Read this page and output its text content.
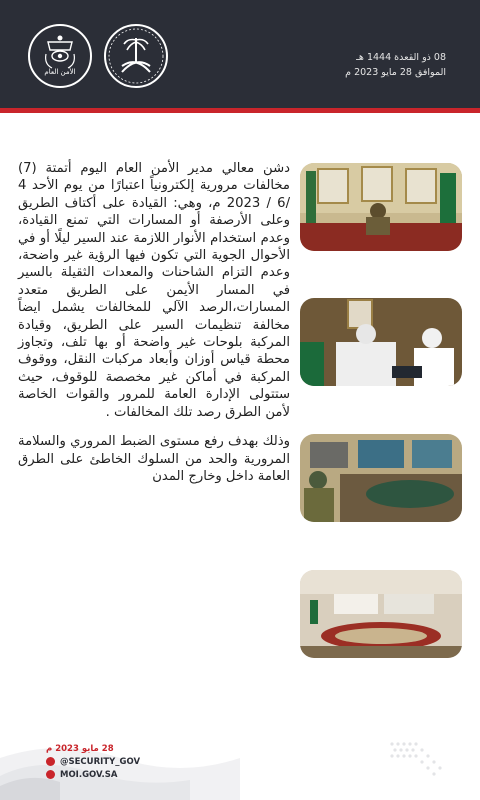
الأمن العام
08 ذو القعدة 1444 هـ
الموافق 28 مايو 2023 م

دشن معالي مدير الأمن العام اليوم أتمتة (7) مخالفات مرورية إلكترونياً اعتبارًا من يوم الأحد 4 /6 / 2023 م، وهي: القيادة على أكتاف الطريق وعلى الأرصفة أو المسارات التي تمنع القيادة، وعدم استخدام الأنوار اللازمة عند السير ليلًا أو في الأحوال الجوية التي تكون فيها الرؤية غير واضحة، وعدم التزام الشاحنات والمعدات الثقيلة بالسير في المسار الأيمن على الطريق متعدد المسارات،الرصد الآلي للمخالفات يشمل ايضاً مخالفة تنظيمات السير على الطريق، وقيادة المركبة بلوحات غير واضحة أو بها تلف، وتجاوز محطة قياس أوزان وأبعاد مركبات النقل، ووقوف المركبة في أماكن غير مخصصة للوقوف، حيث ستتولى الإدارة العامة للمرور والقوات الخاصة لأمن الطرق رصد تلك المخالفات .

وذلك بهدف رفع مستوى الضبط المروري والسلامة المرورية والحد من السلوك الخاطئ على الطرق العامة داخل وخارج المدن

28 مايو 2023 م
@SECURITY_GOV
MOI.GOV.SA
